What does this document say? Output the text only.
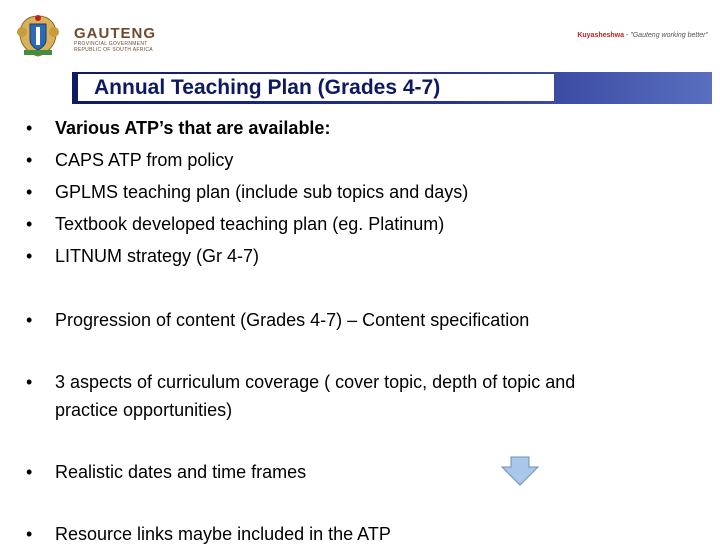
GAUTENG
PROVINCIAL GOVERNMENT
REPUBLIC OF SOUTH AFRICA
Kuyasheshwa - "Gauteng working better"
Annual Teaching Plan (Grades 4-7)
•	Various ATP’s that are available:
•	CAPS ATP from policy
•	GPLMS teaching plan (include sub topics and days)
•	Textbook developed teaching plan (eg. Platinum)
•	LITNUM strategy (Gr 4-7)
•	Progression of content (Grades 4-7) – Content specification
•	3 aspects of curriculum coverage ( cover topic, depth of topic and
practice opportunities)
•	Realistic dates and time frames
•	Resource links maybe included in the ATP
